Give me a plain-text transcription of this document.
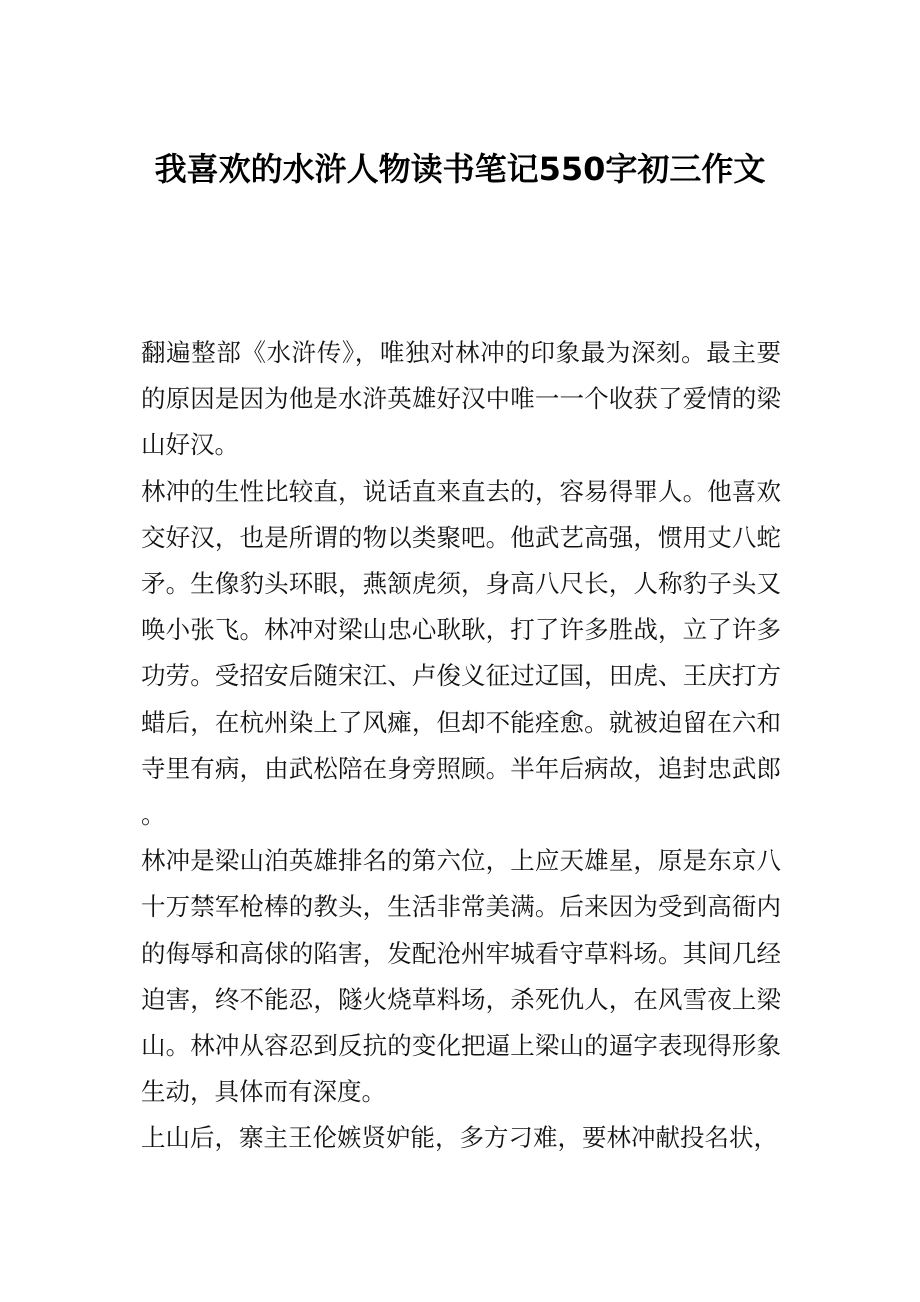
我喜欢的水浒人物读书笔记550字初三作文

翻遍整部《水浒传》，唯独对林冲的印象最为深刻。最主要的原因是因为他是水浒英雄好汉中唯一一个收获了爱情的梁山好汉。

林冲的生性比较直，说话直来直去的，容易得罪人。他喜欢交好汉，也是所谓的物以类聚吧。他武艺高强，惯用丈八蛇矛。生像豹头环眼，燕颔虎须，身高八尺长，人称豹子头又唤小张飞。林冲对梁山忠心耿耿，打了许多胜战，立了许多功劳。受招安后随宋江、卢俊义征过辽国，田虎、王庆打方蜡后，在杭州染上了风瘫，但却不能痊愈。就被迫留在六和寺里有病，由武松陪在身旁照顾。半年后病故，追封忠武郎。

林冲是梁山泊英雄排名的第六位，上应天雄星，原是东京八十万禁军枪棒的教头，生活非常美满。后来因为受到高衙内的侮辱和高俅的陷害，发配沧州牢城看守草料场。其间几经迫害，终不能忍，隧火烧草料场，杀死仇人，在风雪夜上梁山。林冲从容忍到反抗的变化把逼上梁山的逼字表现得形象生动，具体而有深度。

上山后，寨主王伦嫉贤妒能，多方刁难，要林冲献投名状，
